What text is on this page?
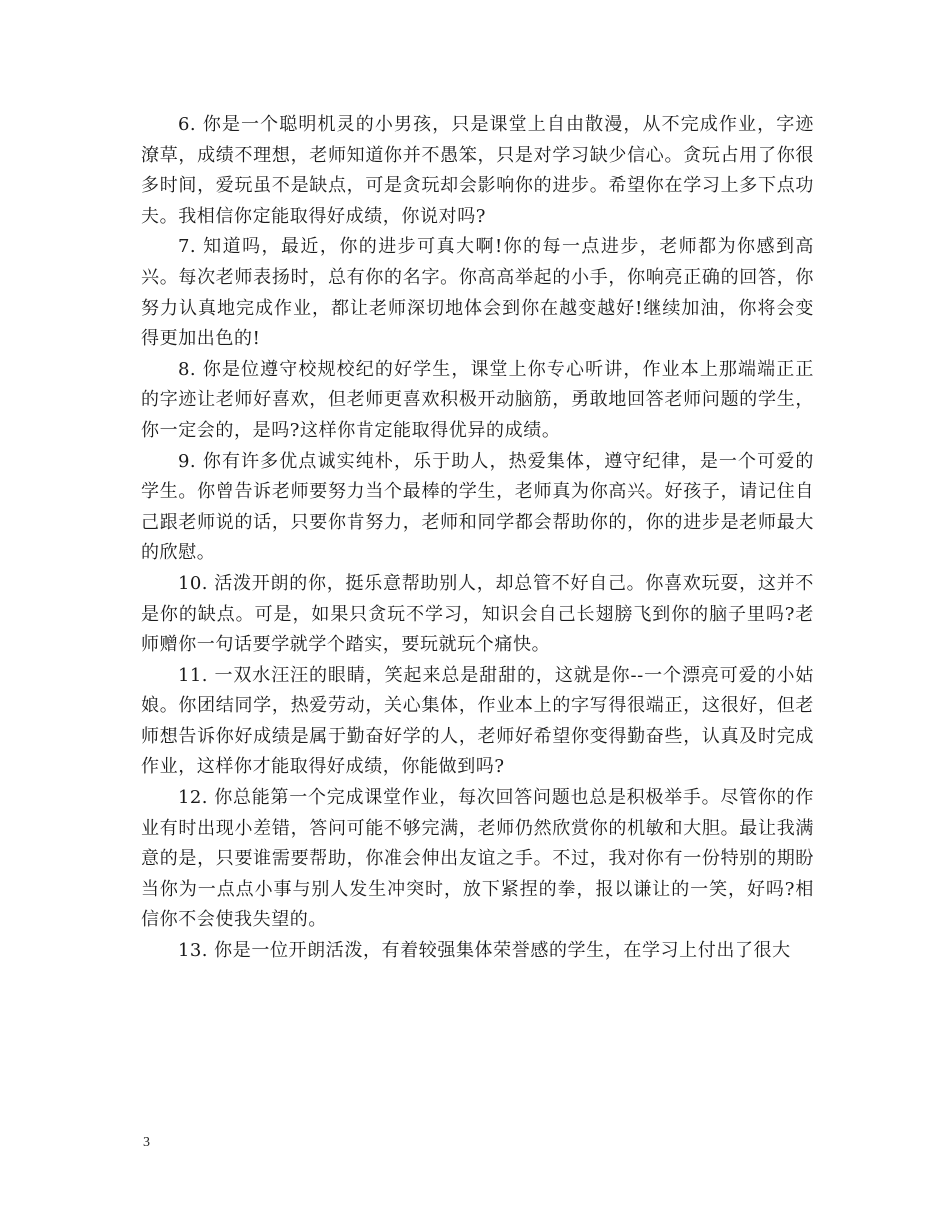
6. 你是一个聪明机灵的小男孩，只是课堂上自由散漫，从不完成作业，字迹潦草，成绩不理想，老师知道你并不愚笨，只是对学习缺少信心。贪玩占用了你很多时间，爱玩虽不是缺点，可是贪玩却会影响你的进步。希望你在学习上多下点功夫。我相信你定能取得好成绩，你说对吗?

7. 知道吗，最近，你的进步可真大啊!你的每一点进步，老师都为你感到高兴。每次老师表扬时，总有你的名字。你高高举起的小手，你响亮正确的回答，你努力认真地完成作业，都让老师深切地体会到你在越变越好!继续加油，你将会变得更加出色的!

8. 你是位遵守校规校纪的好学生，课堂上你专心听讲，作业本上那端端正正的字迹让老师好喜欢，但老师更喜欢积极开动脑筋，勇敢地回答老师问题的学生，你一定会的，是吗?这样你肯定能取得优异的成绩。

9. 你有许多优点诚实纯朴，乐于助人，热爱集体，遵守纪律，是一个可爱的学生。你曾告诉老师要努力当个最棒的学生，老师真为你高兴。好孩子，请记住自己跟老师说的话，只要你肯努力，老师和同学都会帮助你的，你的进步是老师最大的欣慰。

10. 活泼开朗的你，挺乐意帮助别人，却总管不好自己。你喜欢玩耍，这并不是你的缺点。可是，如果只贪玩不学习，知识会自己长翅膀飞到你的脑子里吗?老师赠你一句话要学就学个踏实，要玩就玩个痛快。

11. 一双水汪汪的眼睛，笑起来总是甜甜的，这就是你--一个漂亮可爱的小姑娘。你团结同学，热爱劳动，关心集体，作业本上的字写得很端正，这很好，但老师想告诉你好成绩是属于勤奋好学的人，老师好希望你变得勤奋些，认真及时完成作业，这样你才能取得好成绩，你能做到吗?

12. 你总能第一个完成课堂作业，每次回答问题也总是积极举手。尽管你的作业有时出现小差错，答问可能不够完满，老师仍然欣赏你的机敏和大胆。最让我满意的是，只要谁需要帮助，你准会伸出友谊之手。不过，我对你有一份特别的期盼当你为一点点小事与别人发生冲突时，放下紧捏的拳，报以谦让的一笑，好吗?相信你不会使我失望的。

13. 你是一位开朗活泼，有着较强集体荣誉感的学生，在学习上付出了很大

3
